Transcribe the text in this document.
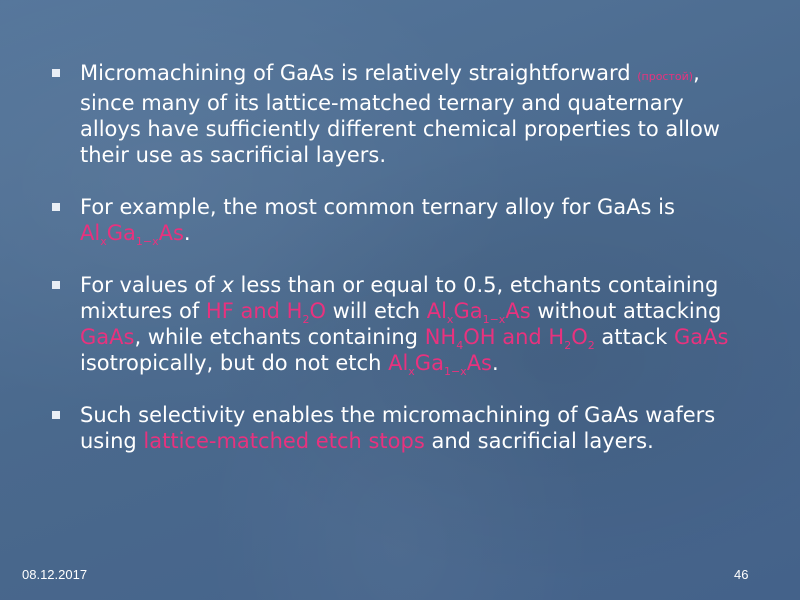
Micromachining of GaAs is relatively straightforward (простой), since many of its lattice-matched ternary and quaternary alloys have sufficiently different chemical properties to allow their use as sacrificial layers.
For example, the most common ternary alloy for GaAs is $Al_xGa_{1-x}As$.
For values of x less than or equal to 0.5, etchants containing mixtures of HF and $H_2O$ will etch $Al_xGa_{1-x}As$ without attacking GaAs, while etchants containing $NH_4OH$ and $H_2O_2$ attack GaAs isotropically, but do not etch $Al_xGa_{1-x}As$.
Such selectivity enables the micromachining of GaAs wafers using lattice-matched etch stops and sacrificial layers.
08.12.2017	46
